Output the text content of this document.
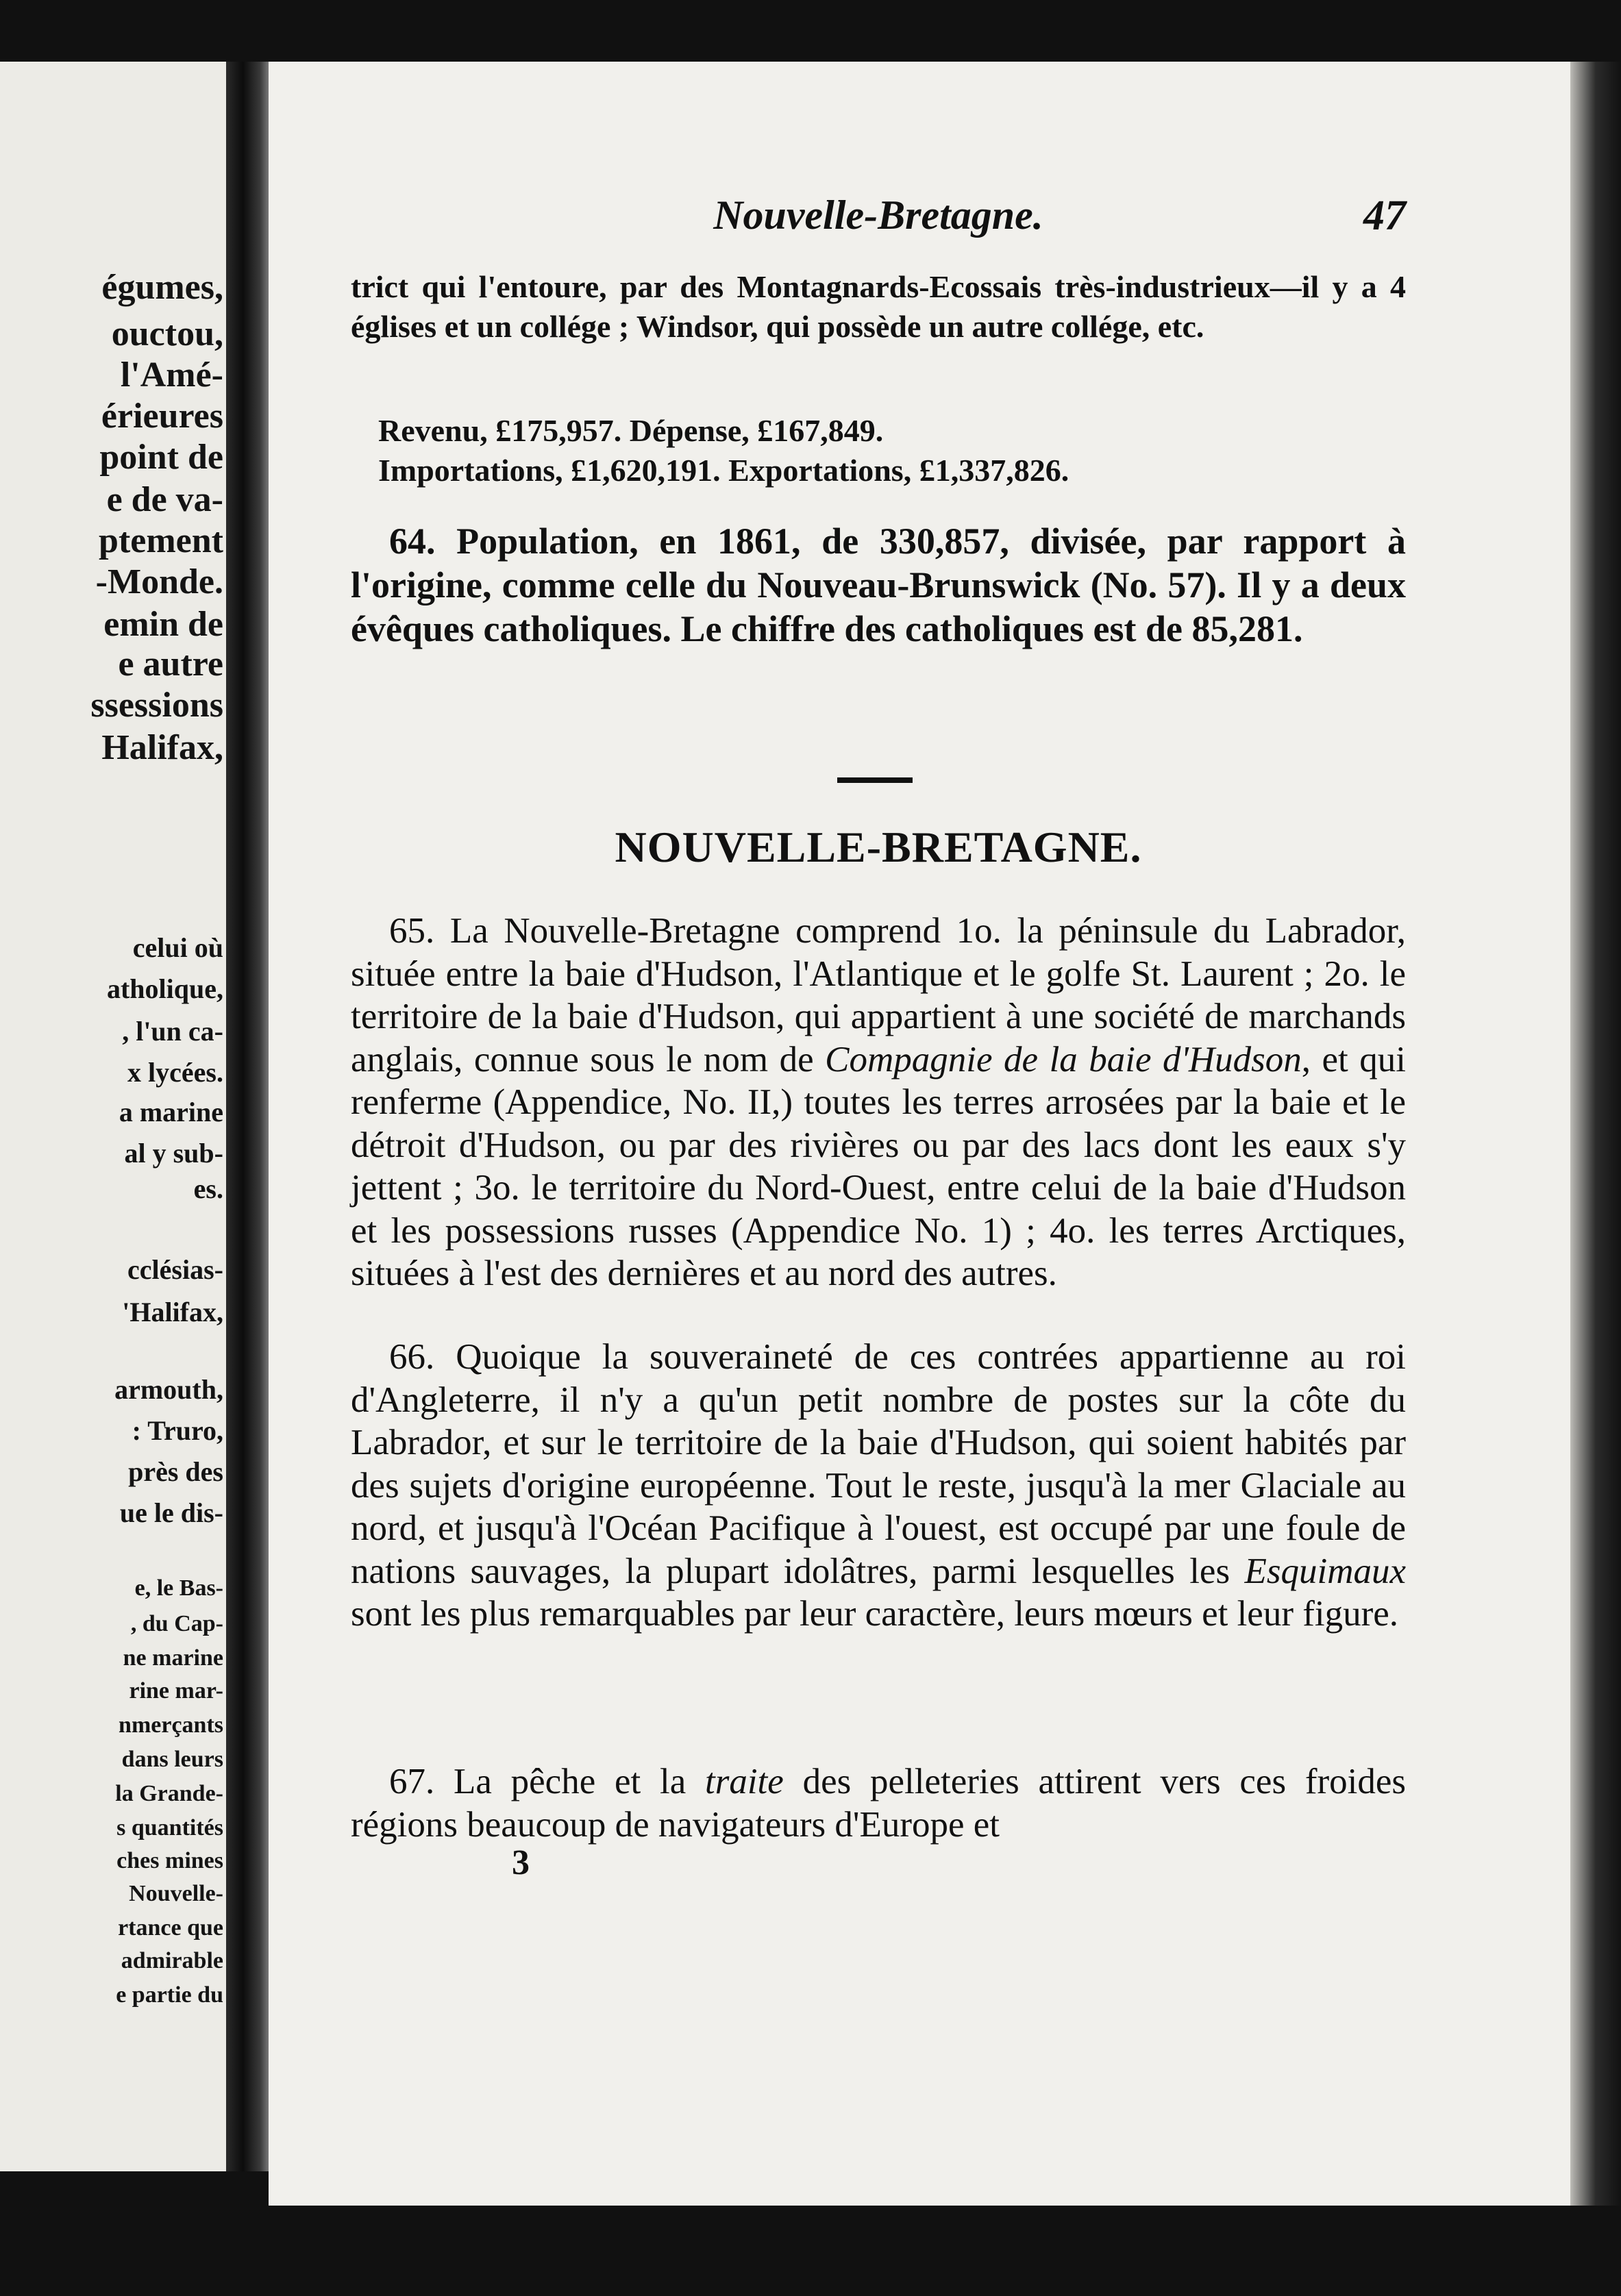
égumes,
ouctou,
l'Amé-
érieures
point de
e de va-
ptement
-Monde.
emin de
e autre
ssessions
Halifax,
celui où
atholique,
, l'un ca-
x lycées.
a marine
al y sub-
es.
cclésias-
'Halifax,
armouth,
: Truro,
près des
ue le dis-
e, le Bas-
, du Cap-
ne marine
rine mar-
nmerçants
dans leurs
la Grande-
s quantités
ches mines
Nouvelle-
rtance que
admirable
e partie du
Nouvelle-Bretagne.	47

trict qui l'entoure, par des Montagnards-Ecossais très-industrieux—il y a 4 églises et un collége ; Windsor, qui possède un autre collége, etc.

Revenu, £175,957. Dépense, £167,849.

Importations, £1,620,191. Exportations, £1,337,826.

64. Population, en 1861, de 330,857, divisée, par rapport à l'origine, comme celle du Nouveau-Brunswick (No. 57). Il y a deux évêques catholiques. Le chiffre des catholiques est de 85,281.

NOUVELLE-BRETAGNE.

65. La Nouvelle-Bretagne comprend 1o. la péninsule du Labrador, située entre la baie d'Hudson, l'Atlantique et le golfe St. Laurent ; 2o. le territoire de la baie d'Hudson, qui appartient à une société de marchands anglais, connue sous le nom de Compagnie de la baie d'Hudson, et qui renferme (Appendice, No. II,) toutes les terres arrosées par la baie et le détroit d'Hudson, ou par des rivières ou par des lacs dont les eaux s'y jettent ; 3o. le territoire du Nord-Ouest, entre celui de la baie d'Hudson et les possessions russes (Appendice No. 1) ; 4o. les terres Arctiques, situées à l'est des dernières et au nord des autres.

66. Quoique la souveraineté de ces contrées appartienne au roi d'Angleterre, il n'y a qu'un petit nombre de postes sur la côte du Labrador, et sur le territoire de la baie d'Hudson, qui soient habités par des sujets d'origine européenne. Tout le reste, jusqu'à la mer Glaciale au nord, et jusqu'à l'Océan Pacifique à l'ouest, est occupé par une foule de nations sauvages, la plupart idolâtres, parmi lesquelles les Esquimaux sont les plus remarquables par leur caractère, leurs mœurs et leur figure.

67. La pêche et la traite des pelleteries attirent vers ces froides régions beaucoup de navigateurs d'Europe et

3
